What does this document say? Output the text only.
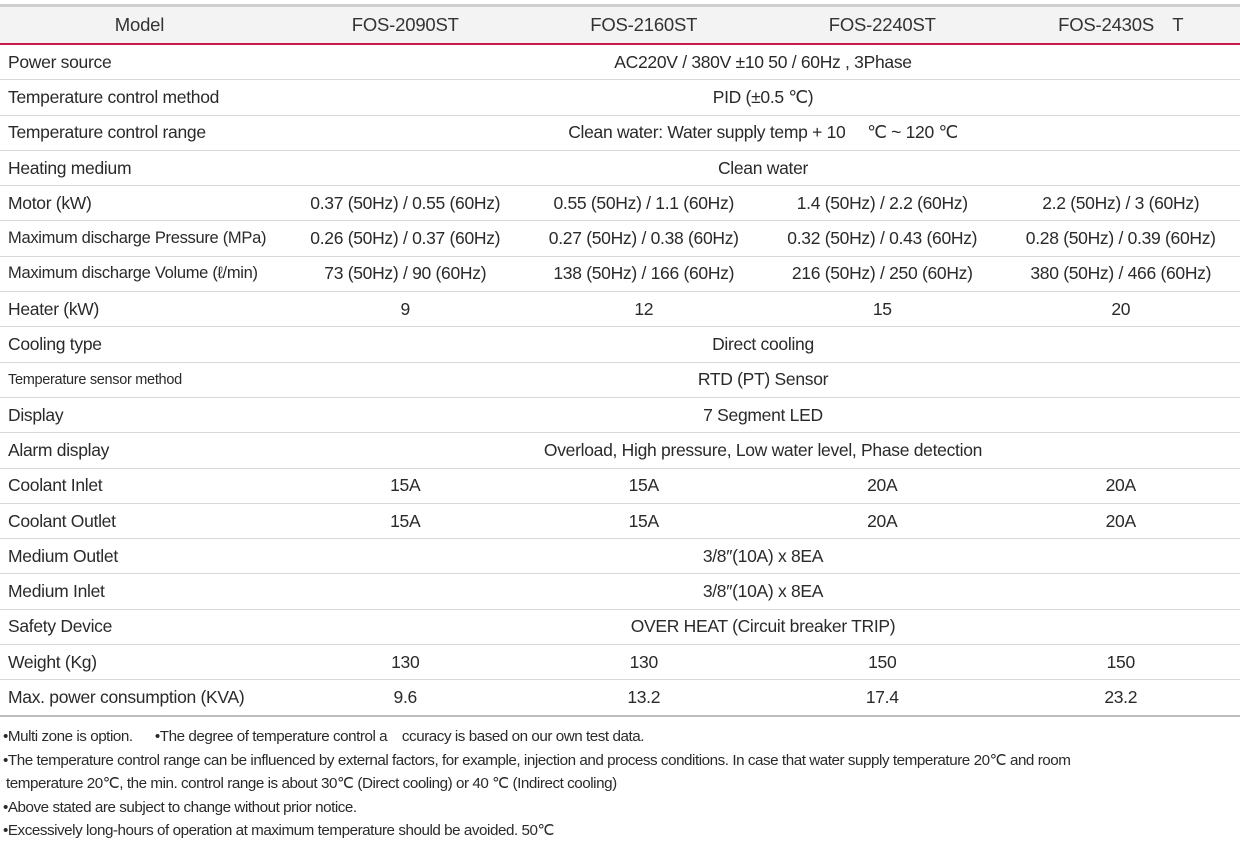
Model	FOS-2090ST	FOS-2160ST	FOS-2240ST	FOS-2430S T
Power source	AC220V / 380V ±10 50 / 60Hz , 3Phase			
Temperature control method	PID (±0.5 ℃)			
Temperature control range	Clean water: Water supply temp + 10  ℃ ~ 120 ℃			
Heating medium	Clean water			
Motor (kW)	0.37 (50Hz) / 0.55 (60Hz)	0.55 (50Hz) / 1.1 (60Hz)	1.4 (50Hz) / 2.2 (60Hz)	2.2 (50Hz) / 3 (60Hz)
Maximum discharge Pressure (MPa)	0.26 (50Hz) / 0.37 (60Hz)	0.27 (50Hz) / 0.38 (60Hz)	0.32 (50Hz) / 0.43 (60Hz)	0.28 (50Hz) / 0.39 (60Hz)
Maximum discharge Volume (ℓ/min)	73 (50Hz) / 90 (60Hz)	138 (50Hz) / 166 (60Hz)	216 (50Hz) / 250 (60Hz)	380 (50Hz) / 466 (60Hz)
Heater (kW)	9	12	15	20
Cooling type	Direct cooling			
Temperature sensor method	RTD (PT) Sensor			
Display	7 Segment LED			
Alarm display	Overload, High pressure, Low water level, Phase detection			
Coolant Inlet	15A	15A	20A	20A
Coolant Outlet	15A	15A	20A	20A
Medium Outlet	3/8″(10A) x 8EA			
Medium Inlet	3/8″(10A) x 8EA			
Safety Device	OVER HEAT (Circuit breaker TRIP)			
Weight (Kg)	130	130	150	150
Max. power consumption (KVA)	9.6	13.2	17.4	23.2

•Multi zone is option.   •The degree of temperature control a ccuracy is based on our own test data.

•The temperature control range can be influenced by external factors, for example, injection and process conditions. In case that water supply temperature 20℃ and room

temperature 20℃, the min. control range is about 30℃ (Direct cooling) or 40 ℃ (Indirect cooling)

•Above stated are subject to change without prior notice.

•Excessively long-hours of operation at maximum temperature should be avoided. 50℃
